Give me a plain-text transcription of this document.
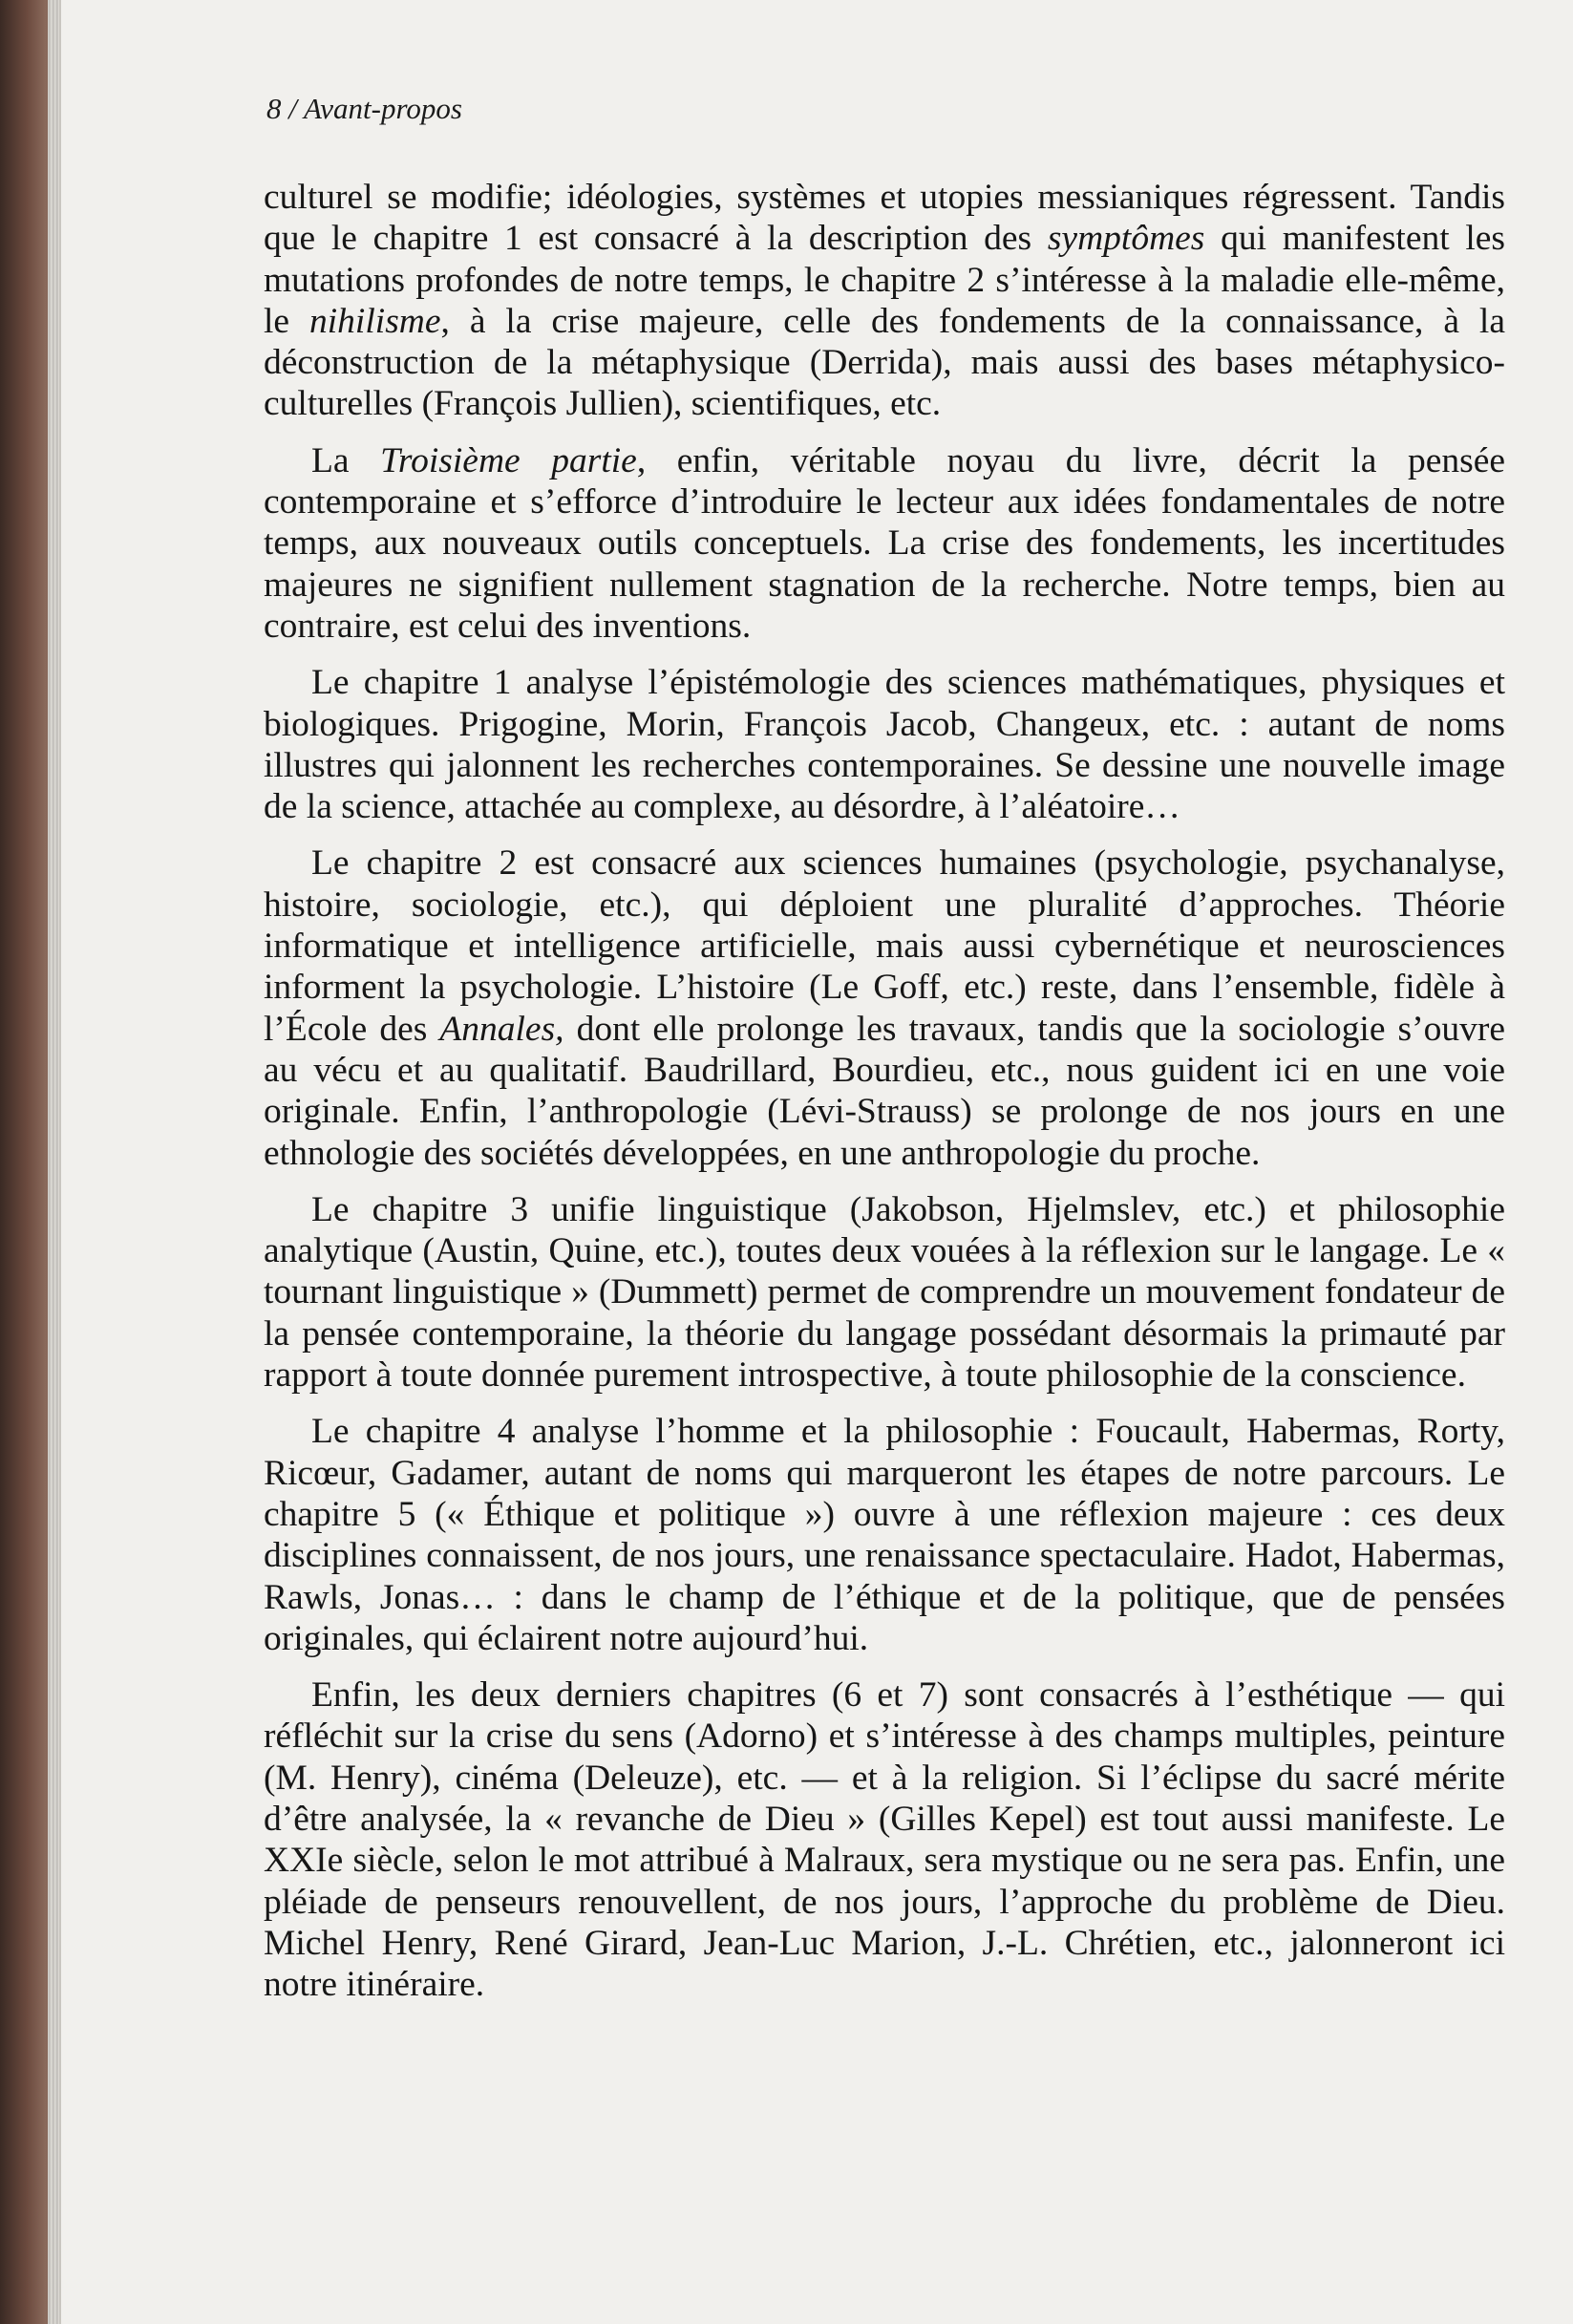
8 / Avant-propos

culturel se modifie; idéologies, systèmes et utopies messianiques régressent. Tandis que le chapitre 1 est consacré à la description des symptômes qui manifestent les mutations profondes de notre temps, le chapitre 2 s’intéresse à la maladie elle-même, le nihilisme, à la crise majeure, celle des fondements de la connaissance, à la déconstruction de la métaphysique (Derrida), mais aussi des bases métaphysico-culturelles (François Jullien), scientifiques, etc.

La Troisième partie, enfin, véritable noyau du livre, décrit la pensée contemporaine et s’efforce d’introduire le lecteur aux idées fondamentales de notre temps, aux nouveaux outils conceptuels. La crise des fondements, les incertitudes majeures ne signifient nullement stagnation de la recherche. Notre temps, bien au contraire, est celui des inventions.

Le chapitre 1 analyse l’épistémologie des sciences mathématiques, physiques et biologiques. Prigogine, Morin, François Jacob, Changeux, etc. : autant de noms illustres qui jalonnent les recherches contemporaines. Se dessine une nouvelle image de la science, attachée au complexe, au désordre, à l’aléatoire…

Le chapitre 2 est consacré aux sciences humaines (psychologie, psychanalyse, histoire, sociologie, etc.), qui déploient une pluralité d’approches. Théorie informatique et intelligence artificielle, mais aussi cybernétique et neurosciences informent la psychologie. L’histoire (Le Goff, etc.) reste, dans l’ensemble, fidèle à l’École des Annales, dont elle prolonge les travaux, tandis que la sociologie s’ouvre au vécu et au qualitatif. Baudrillard, Bourdieu, etc., nous guident ici en une voie originale. Enfin, l’anthropologie (Lévi-Strauss) se prolonge de nos jours en une ethnologie des sociétés développées, en une anthropologie du proche.

Le chapitre 3 unifie linguistique (Jakobson, Hjelmslev, etc.) et philosophie analytique (Austin, Quine, etc.), toutes deux vouées à la réflexion sur le langage. Le « tournant linguistique » (Dummett) permet de comprendre un mouvement fondateur de la pensée contemporaine, la théorie du langage possédant désormais la primauté par rapport à toute donnée purement introspective, à toute philosophie de la conscience.

Le chapitre 4 analyse l’homme et la philosophie : Foucault, Habermas, Rorty, Ricœur, Gadamer, autant de noms qui marqueront les étapes de notre parcours. Le chapitre 5 (« Éthique et politique ») ouvre à une réflexion majeure : ces deux disciplines connaissent, de nos jours, une renaissance spectaculaire. Hadot, Habermas, Rawls, Jonas… : dans le champ de l’éthique et de la politique, que de pensées originales, qui éclairent notre aujourd’hui.

Enfin, les deux derniers chapitres (6 et 7) sont consacrés à l’esthétique — qui réfléchit sur la crise du sens (Adorno) et s’intéresse à des champs multiples, peinture (M. Henry), cinéma (Deleuze), etc. — et à la religion. Si l’éclipse du sacré mérite d’être analysée, la « revanche de Dieu » (Gilles Kepel) est tout aussi manifeste. Le XXIe siècle, selon le mot attribué à Malraux, sera mystique ou ne sera pas. Enfin, une pléiade de penseurs renouvellent, de nos jours, l’approche du problème de Dieu. Michel Henry, René Girard, Jean-Luc Marion, J.-L. Chrétien, etc., jalonneront ici notre itinéraire.
